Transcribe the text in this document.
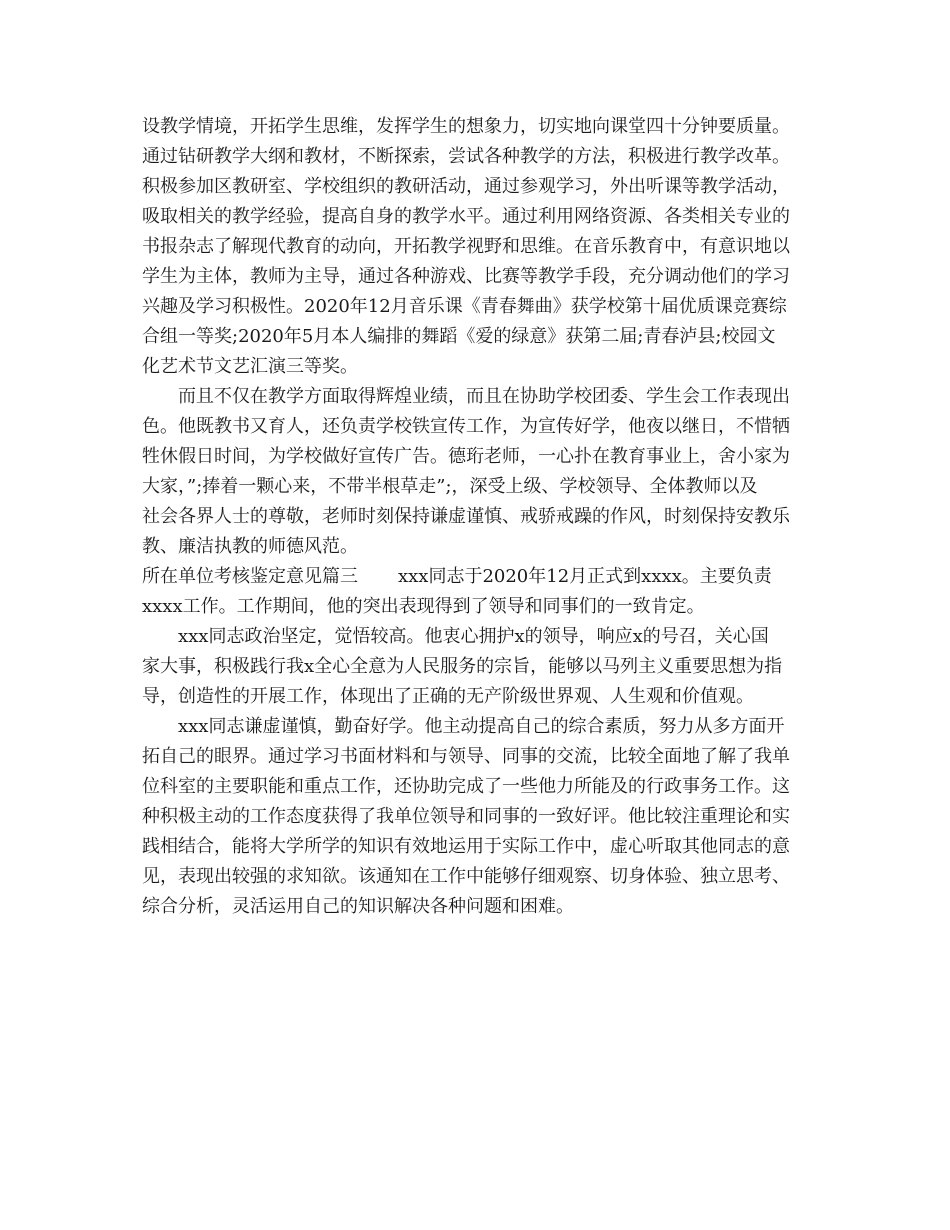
设教学情境，开拓学生思维，发挥学生的想象力，切实地向课堂四十分钟要质量。
通过钻研教学大纲和教材，不断探索，尝试各种教学的方法，积极进行教学改革。
积极参加区教研室、学校组织的教研活动，通过参观学习，外出听课等教学活动，
吸取相关的教学经验，提高自身的教学水平。通过利用网络资源、各类相关专业的
书报杂志了解现代教育的动向，开拓教学视野和思维。在音乐教育中，有意识地以
学生为主体，教师为主导，通过各种游戏、比赛等教学手段，充分调动他们的学习
兴趣及学习积极性。2020年12月音乐课《青春舞曲》获学校第十届优质课竞赛综
合组一等奖;2020年5月本人编排的舞蹈《爱的绿意》获第二届;青春泸县;校园文
化艺术节文艺汇演三等奖。
而且不仅在教学方面取得辉煌业绩，而且在协助学校团委、学生会工作表现出
色。他既教书又育人，还负责学校铁宣传工作，为宣传好学，他夜以继日，不惜牺
牲休假日时间，为学校做好宣传广告。德珩老师，一心扑在教育事业上，舍小家为
大家，”;捧着一颗心来，不带半根草走”;，深受上级、学校领导、全体教师以及
社会各界人士的尊敬，老师时刻保持谦虚谨慎、戒骄戒躁的作风，时刻保持安教乐
教、廉洁执教的师德风范。
所在单位考核鉴定意见篇三 xxx同志于2020年12月正式到xxxx。主要负责
xxxx工作。工作期间，他的突出表现得到了领导和同事们的一致肯定。
xxx同志政治坚定，觉悟较高。他衷心拥护x的领导，响应x的号召，关心国
家大事，积极践行我x全心全意为人民服务的宗旨，能够以马列主义重要思想为指
导，创造性的开展工作，体现出了正确的无产阶级世界观、人生观和价值观。
xxx同志谦虚谨慎，勤奋好学。他主动提高自己的综合素质，努力从多方面开
拓自己的眼界。通过学习书面材料和与领导、同事的交流，比较全面地了解了我单
位科室的主要职能和重点工作，还协助完成了一些他力所能及的行政事务工作。这
种积极主动的工作态度获得了我单位领导和同事的一致好评。他比较注重理论和实
践相结合，能将大学所学的知识有效地运用于实际工作中，虚心听取其他同志的意
见，表现出较强的求知欲。该通知在工作中能够仔细观察、切身体验、独立思考、
综合分析，灵活运用自己的知识解决各种问题和困难。
